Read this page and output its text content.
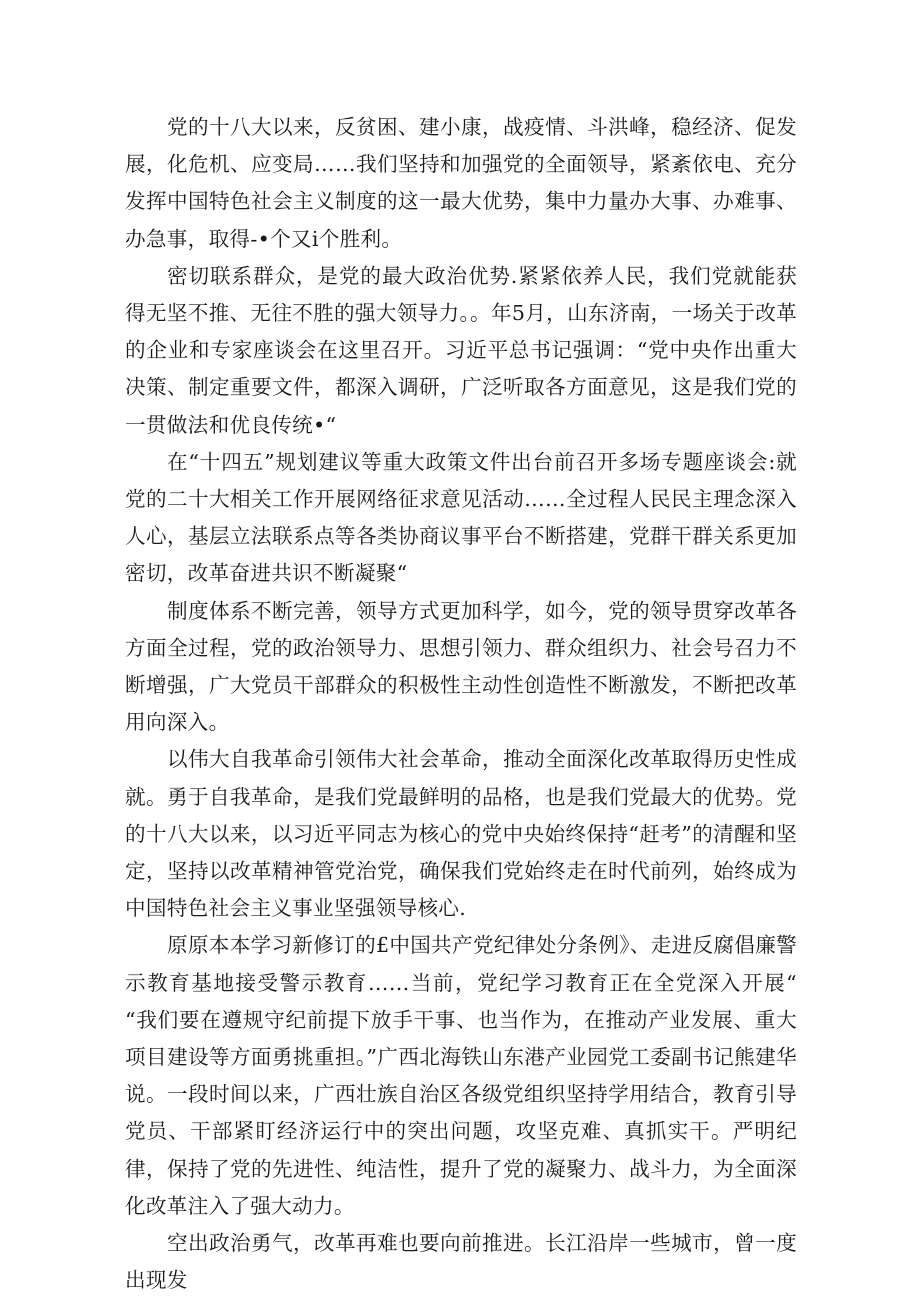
党的十八大以来，反贫困、建小康，战疫情、斗洪峰，稳经济、促发展，化危机、应变局……我们坚持和加强党的全面领导，紧紊依电、充分发挥中国特色社会主义制度的这一最大优势，集中力量办大事、办难事、办急事，取得-•个又i个胜利。

密切联系群众，是党的最大政治优势.紧紧依养人民，我们党就能获得无坚不推、无往不胜的强大领导力。。年5月，山东济南，一场关于改革的企业和专家座谈会在这里召开。习近平总书记强调：“党中央作出重大决策、制定重要文件，都深入调研，广泛听取各方面意见，这是我们党的一贯做法和优良传统•“

在“十四五”规划建议等重大政策文件出台前召开多场专题座谈会:就党的二十大相关工作开展网络征求意见活动……全过程人民民主理念深入人心，基层立法联系点等各类协商议事平台不断搭建，党群干群关系更加密切，改革奋进共识不断凝聚“

制度体系不断完善，领导方式更加科学，如今，党的领导贯穿改革各方面全过程，党的政治领导力、思想引领力、群众组织力、社会号召力不断增强，广大党员干部群众的积极性主动性创造性不断激发，不断把改革用向深入。

以伟大自我革命引领伟大社会革命，推动全面深化改革取得历史性成就。勇于自我革命，是我们党最鲜明的品格，也是我们党最大的优势。党的十八大以来，以习近平同志为核心的党中央始终保持“赶考”的清醒和坚定，坚持以改革精神管党治党，确保我们党始终走在时代前列，始终成为中国特色社会主义事业坚强领导核心.

原原本本学习新修订的£中国共产党纪律处分条例》、走进反腐倡廉警示教育基地接受警示教育……当前，党纪学习教育正在全党深入开展“ “我们要在遵规守纪前提下放手干事、也当作为，在推动产业发展、重大项目建设等方面勇挑重担。”广西北海铁山东港产业园党工委副书记熊建华说。一段时间以来，广西壮族自治区各级党组织坚持学用结合，教育引导党员、干部紧盯经济运行中的突出问题，攻坚克难、真抓实干。严明纪律，保持了党的先进性、纯洁性，提升了党的凝聚力、战斗力，为全面深化改革注入了强大动力。

空出政治勇气，改革再难也要向前推进。长江沿岸一些城市，曾一度出现发
